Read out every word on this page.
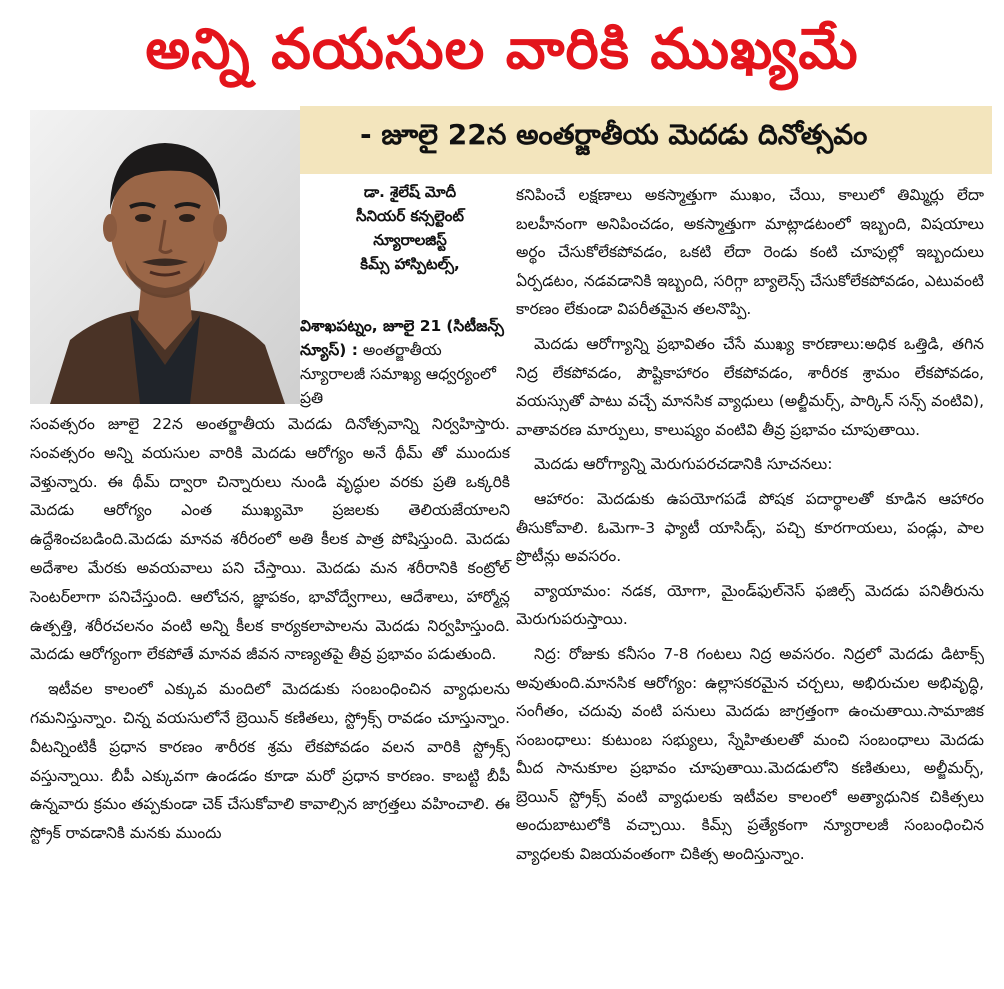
అన్ని వయసుల వారికి ముఖ్యమే
- జూలై 22న అంతర్జాతీయ మెదడు దినోత్సవం
డా. శైలేష్ మోదీ
సీనియర్ కన్సల్టెంట్
న్యూరాలజిస్ట్
కిమ్స్ హాస్పిటల్స్,
విశాఖపట్నం, జూలై 21 (సిటీజన్స్ న్యూస్) : అంతర్జాతీయ న్యూరాలజీ సమాఖ్య ఆధ్వర్యంలో ప్రతి

సంవత్సరం జూలై 22న అంతర్జాతీయ మెదడు దినోత్సవాన్ని నిర్వహిస్తారు. సంవత్సరం అన్ని వయసుల వారికి మెదడు ఆరోగ్యం అనే థీమ్ తో ముందుక వెళ్తున్నారు. ఈ థీమ్ ద్వారా చిన్నారులు నుండి వృద్ధుల వరకు ప్రతి ఒక్కరికి మెదడు ఆరోగ్యం ఎంత ముఖ్యమో ప్రజలకు తెలియజేయాలని ఉద్దేశించబడింది.మెదడు మానవ శరీరంలో అతి కీలక పాత్ర పోషిస్తుంది. మెదడు అదేశాల మేరకు అవయవాలు పని చేస్తాయి. మెదడు మన శరీరానికి కంట్రోల్ సెంటర్‌లాగా పనిచేస్తుంది. ఆలోచన, జ్ఞాపకం, భావోద్వేగాలు, ఆదేశాలు, హార్మోన్ల ఉత్పత్తి, శరీరచలనం వంటి అన్ని కీలక కార్యకలాపాలను మెదడు నిర్వహిస్తుంది. మెదడు ఆరోగ్యంగా లేకపోతే మానవ జీవన నాణ్యతపై తీవ్ర ప్రభావం పడుతుంది.

ఇటీవల కాలంలో ఎక్కువ మందిలో మెదడుకు సంబంధించిన వ్యాధులను గమనిస్తున్నాం. చిన్న వయసులోనే బ్రెయిన్ కణితలు, స్ట్రోక్స్ రావడం చూస్తున్నాం. వీటన్నింటికీ ప్రధాన కారణం శారీరక శ్రమ లేకపోవడం వలన వారికి స్ట్రోక్స్ వస్తున్నాయి. బీపీ ఎక్కువగా ఉండడం కూడా మరో ప్రధాన కారణం. కాబట్టి బీపీ ఉన్నవారు క్రమం తప్పకుండా చెక్ చేసుకోవాలి కావాల్సిన జాగ్రత్తలు వహించాలి. ఈ స్ట్రోక్ రావడానికి మనకు ముందు

కనిపించే లక్షణాలు అకస్మాత్తుగా ముఖం, చేయి, కాలులో తిమ్మిర్లు లేదా బలహీనంగా అనిపించడం, అకస్మాత్తుగా మాట్లాడటంలో ఇబ్బంది, విషయాలు అర్థం చేసుకోలేకపోవడం, ఒకటి లేదా రెండు కంటి చూపుల్లో ఇబ్బందులు ఏర్పడటం, నడవడానికి ఇబ్బంది, సరిగ్గా బ్యాలెన్స్ చేసుకోలేకపోవడం, ఎటువంటి కారణం లేకుండా విపరీతమైన తలనొప్పి.

మెదడు ఆరోగ్యాన్ని ప్రభావితం చేసే ముఖ్య కారణాలు:అధిక ఒత్తిడి, తగిన నిద్ర లేకపోవడం, పౌష్టికాహారం లేకపోవడం, శారీరక శ్రామం లేకపోవడం, వయస్సుతో పాటు వచ్చే మానసిక వ్యాధులు (అల్జీమర్స్, పార్కిన్ సన్స్ వంటివి), వాతావరణ మార్పులు, కాలుష్యం వంటివి తీవ్ర ప్రభావం చూపుతాయి.

మెదడు ఆరోగ్యాన్ని మెరుగుపరచడానికి సూచనలు:

ఆహారం: మెదడుకు ఉపయోగపడే పోషక పదార్థాలతో కూడిన ఆహారం తీసుకోవాలి. ఓమెగా-3 ఫ్యాటీ యాసిడ్స్, పచ్చి కూరగాయలు, పండ్లు, పాల ప్రొటీన్లు అవసరం.

వ్యాయామం: నడక, యోగా, మైండ్‌ఫుల్‌నెస్ ఫజిల్స్ మెదడు పనితీరును మెరుగుపరుస్తాయి.

నిద్ర: రోజుకు కనీసం 7-8 గంటలు నిద్ర అవసరం. నిద్రలో మెదడు డిటాక్స్ అవుతుంది.మానసిక ఆరోగ్యం: ఉల్లాసకరమైన చర్చలు, అభిరుచుల అభివృద్ధి, సంగీతం, చదువు వంటి పనులు మెదడు జాగ్రత్తంగా ఉంచుతాయి.సామాజిక సంబంధాలు: కుటుంబ సభ్యులు, స్నేహితులతో మంచి సంబంధాలు మెదడు మీద సానుకూల ప్రభావం చూపుతాయి.మెదడులోని కణితులు, అల్జీమర్స్, బ్రెయిన్ స్ట్రోక్స్ వంటి వ్యాధులకు ఇటీవల కాలంలో అత్యాధునిక చికిత్సలు అందుబాటులోకి వచ్చాయి. కిమ్స్ ప్రత్యేకంగా న్యూరాలజీ సంబంధించిన వ్యాధలకు విజయవంతంగా చికిత్స అందిస్తున్నాం.
